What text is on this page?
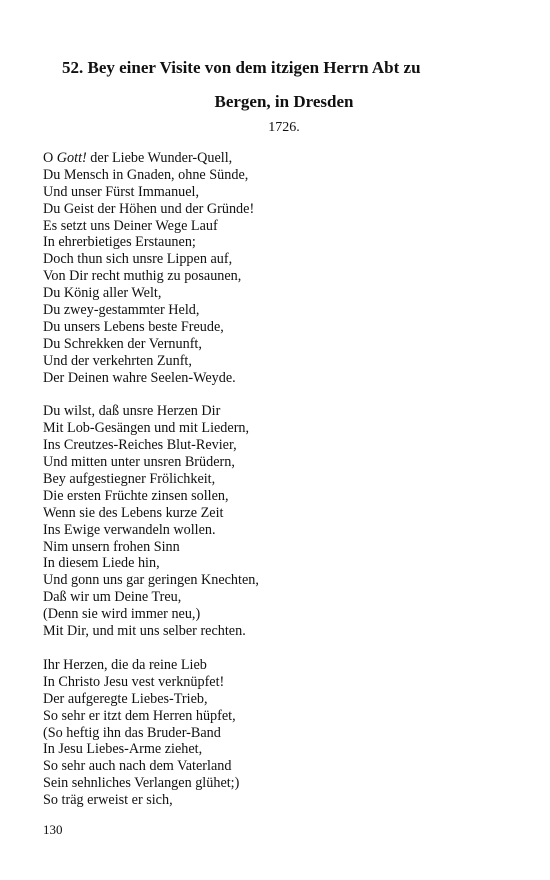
52. Bey einer Visite von dem itzigen Herrn Abt zu
Bergen, in Dresden
1726.
O Gott! der Liebe Wunder-Quell,
Du Mensch in Gnaden, ohne Sünde,
Und unser Fürst Immanuel,
Du Geist der Höhen und der Gründe!
Es setzt uns Deiner Wege Lauf
In ehrerbietiges Erstaunen;
Doch thun sich unsre Lippen auf,
Von Dir recht muthig zu posaunen,
Du König aller Welt,
Du zwey-gestammter Held,
Du unsers Lebens beste Freude,
Du Schrekken der Vernunft,
Und der verkehrten Zunft,
Der Deinen wahre Seelen-Weyde.
Du wilst, daß unsre Herzen Dir
Mit Lob-Gesängen und mit Liedern,
Ins Creutzes-Reiches Blut-Revier,
Und mitten unter unsren Brüdern,
Bey aufgestiegner Frölichkeit,
Die ersten Früchte zinsen sollen,
Wenn sie des Lebens kurze Zeit
Ins Ewige verwandeln wollen.
Nim unsern frohen Sinn
In diesem Liede hin,
Und gonn uns gar geringen Knechten,
Daß wir um Deine Treu,
(Denn sie wird immer neu,)
Mit Dir, und mit uns selber rechten.
Ihr Herzen, die da reine Lieb
In Christo Jesu vest verknüpfet!
Der aufgeregte Liebes-Trieb,
So sehr er itzt dem Herren hüpfet,
(So heftig ihn das Bruder-Band
In Jesu Liebes-Arme ziehet,
So sehr auch nach dem Vaterland
Sein sehnliches Verlangen glühet;)
So träg erweist er sich,
130
